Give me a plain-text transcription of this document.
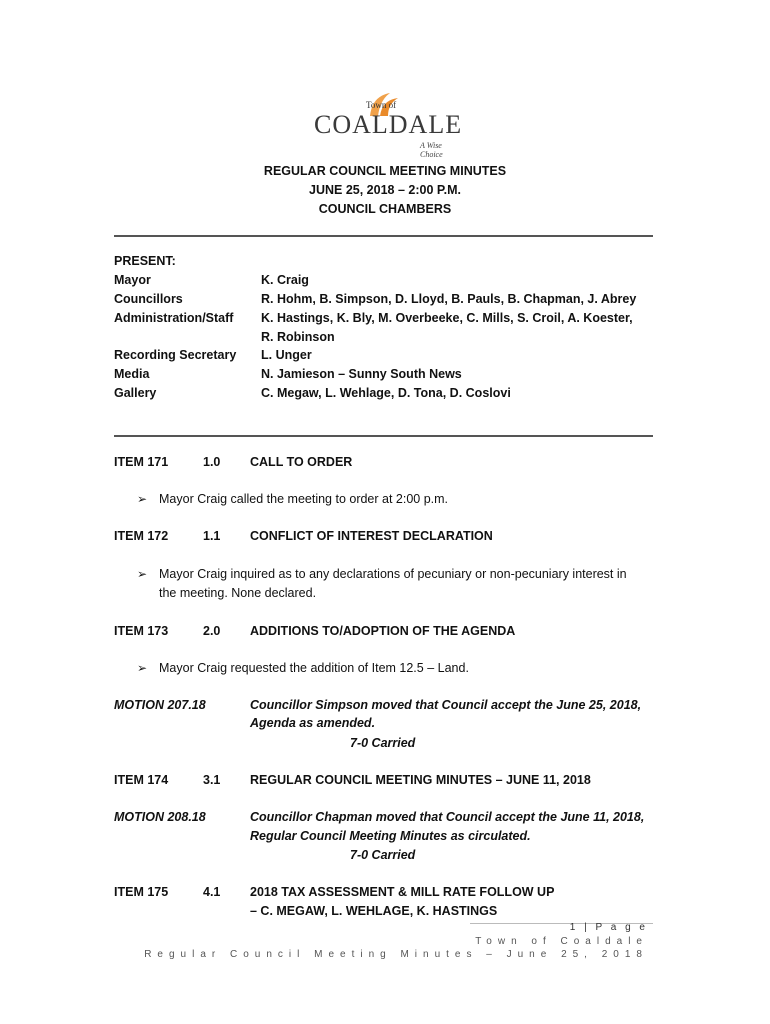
Town of
COALDALE
A Wise Choice
REGULAR COUNCIL MEETING MINUTES
JUNE 25, 2018 – 2:00 P.M.
COUNCIL CHAMBERS
PRESENT:
Mayor	K. Craig
Councillors	R. Hohm, B. Simpson, D. Lloyd, B. Pauls, B. Chapman, J. Abrey
Administration/Staff K. Hastings, K. Bly, M. Overbeeke, C. Mills, S. Croil, A. Koester,
R. Robinson
Recording Secretary L. Unger
Media	N. Jamieson – Sunny South News
Gallery	C. Megaw, L. Wehlage, D. Tona, D. Coslovi
ITEM 171	1.0 CALL TO ORDER
➢ Mayor Craig called the meeting to order at 2:00 p.m.
ITEM 172	1.1 CONFLICT OF INTEREST DECLARATION
➢ Mayor Craig inquired as to any declarations of pecuniary or non-pecuniary interest in
the meeting. None declared.
ITEM 173	2.0 ADDITIONS TO/ADOPTION OF THE AGENDA
➢ Mayor Craig requested the addition of Item 12.5 – Land.
MOTION 207.18	Councillor Simpson moved that Council accept the June 25, 2018,
Agenda as amended.
7-0 Carried
ITEM 174	3.1 REGULAR COUNCIL MEETING MINUTES – JUNE 11, 2018
MOTION 208.18	Councillor Chapman moved that Council accept the June 11, 2018,
Regular Council Meeting Minutes as circulated.
7-0 Carried
ITEM 175	4.1 2018 TAX ASSESSMENT & MILL RATE FOLLOW UP
– C. MEGAW, L. WEHLAGE, K. HASTINGS
1 | P a g e
Town of Coaldale
Regular Council Meeting Minutes – June 25, 2018
